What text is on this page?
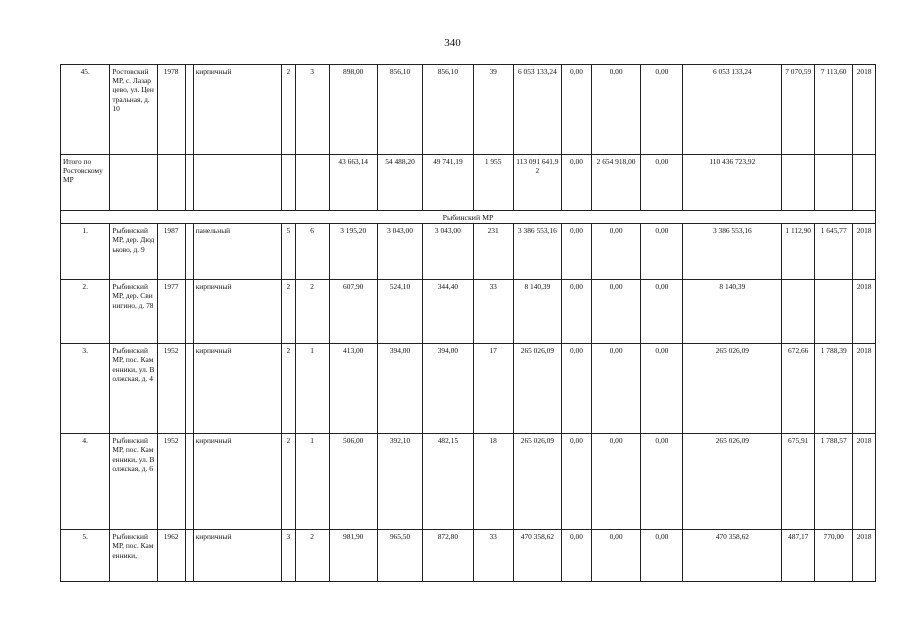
340
45.	Ростовский МР, с. Лазарцево, ул. Центральная, д. 10	1978		кирпичный	2	3	898,00	856,10	856,10	39	6 053 133,24	0,00	0,00	0,00	6 053 133,24	7 070,59	7 113,60	2018
Итого по Ростовскому МР							43 663,14	54 488,20	49 741,19	1 955	113 091 641,92	0,00	2 654 918,00	0,00	110 436 723,92			
Рыбинский МР																		
1.	Рыбинский МР, дер. Дюдьково, д. 9	1987		панельный	5	6	3 195,20	3 043,00	3 043,00	231	3 386 553,16	0,00	0,00	0,00	3 386 553,16	1 112,90	1 645,77	2018
2.	Рыбинский МР, дер. Свинигино, д. 78	1977		кирпичный	2	2	607,90	524,10	344,40	33	8 140,39	0,00	0,00	0,00	8 140,39			2018
3.	Рыбинский МР, пос. Каменники, ул. Волжская, д. 4	1952		кирпичный	2	1	413,00	394,00	394,00	17	265 026,09	0,00	0,00	0,00	265 026,09	672,66	1 788,39	2018
4.	Рыбинский МР, пос. Каменники, ул. Волжская, д. 6	1952		кирпичный	2	1	506,00	392,10	482,15	18	265 026,09	0,00	0,00	0,00	265 026,09	675,91	1 788,57	2018
5.	Рыбинский МР, пос. Каменники,	1962		кирпичный	3	2	981,90	965,50	872,80	33	470 358,62	0,00	0,00	0,00	470 358,62	487,17	770,00	2018
